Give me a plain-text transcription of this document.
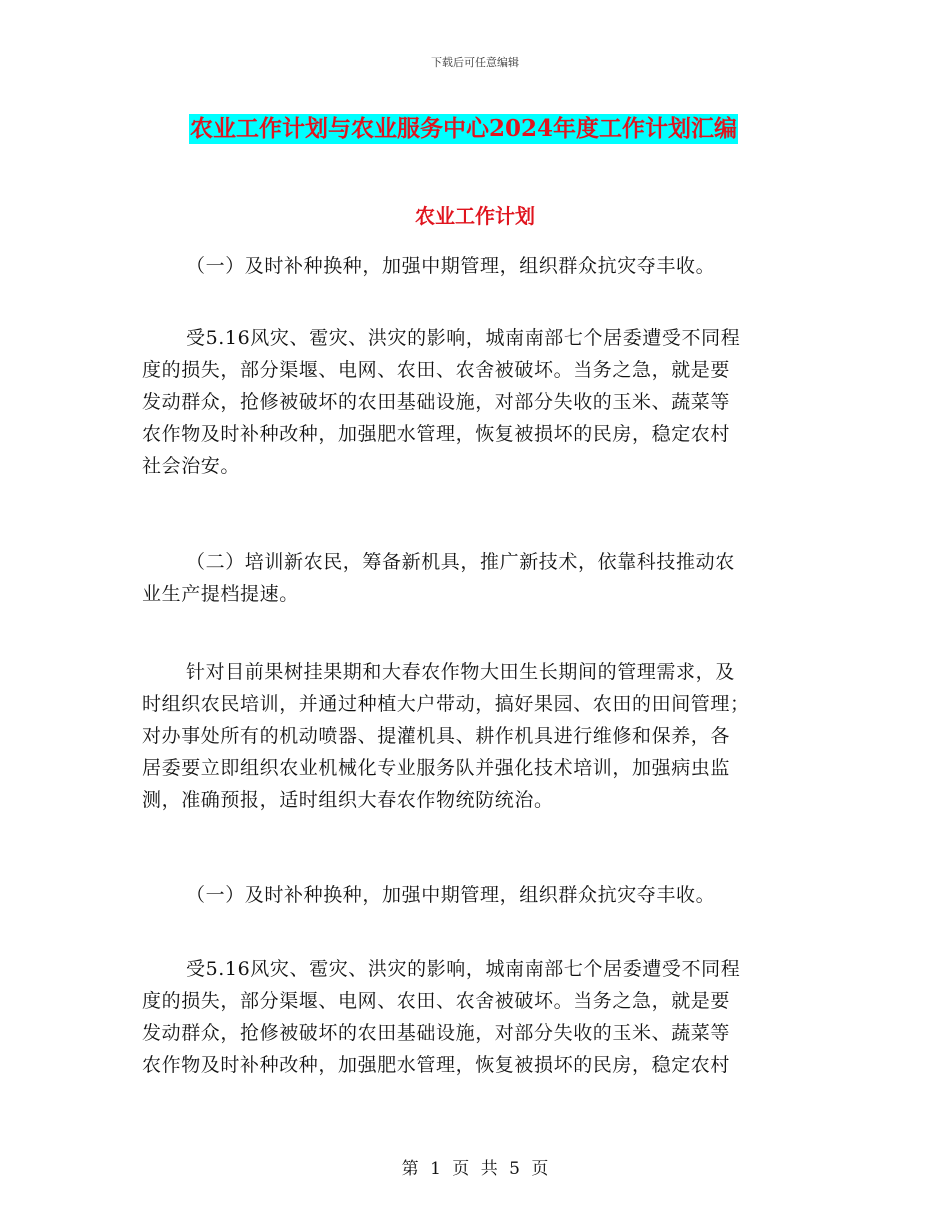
下载后可任意编辑
农业工作计划与农业服务中心2024年度工作计划汇编
农业工作计划
（一）及时补种换种，加强中期管理，组织群众抗灾夺丰收。
受5.16风灾、雹灾、洪灾的影响，城南南部七个居委遭受不同程
度的损失，部分渠堰、电网、农田、农舍被破坏。当务之急，就是要
发动群众，抢修被破坏的农田基础设施，对部分失收的玉米、蔬菜等
农作物及时补种改种，加强肥水管理，恢复被损坏的民房，稳定农村
社会治安。
（二）培训新农民，筹备新机具，推广新技术，依靠科技推动农
业生产提档提速。
针对目前果树挂果期和大春农作物大田生长期间的管理需求，及
时组织农民培训，并通过种植大户带动，搞好果园、农田的田间管理；
对办事处所有的机动喷器、提灌机具、耕作机具进行维修和保养，各
居委要立即组织农业机械化专业服务队并强化技术培训，加强病虫监
测，准确预报，适时组织大春农作物统防统治。
（一）及时补种换种，加强中期管理，组织群众抗灾夺丰收。
受5.16风灾、雹灾、洪灾的影响，城南南部七个居委遭受不同程
度的损失，部分渠堰、电网、农田、农舍被破坏。当务之急，就是要
发动群众，抢修被破坏的农田基础设施，对部分失收的玉米、蔬菜等
农作物及时补种改种，加强肥水管理，恢复被损坏的民房，稳定农村
第 1 页 共 5 页
